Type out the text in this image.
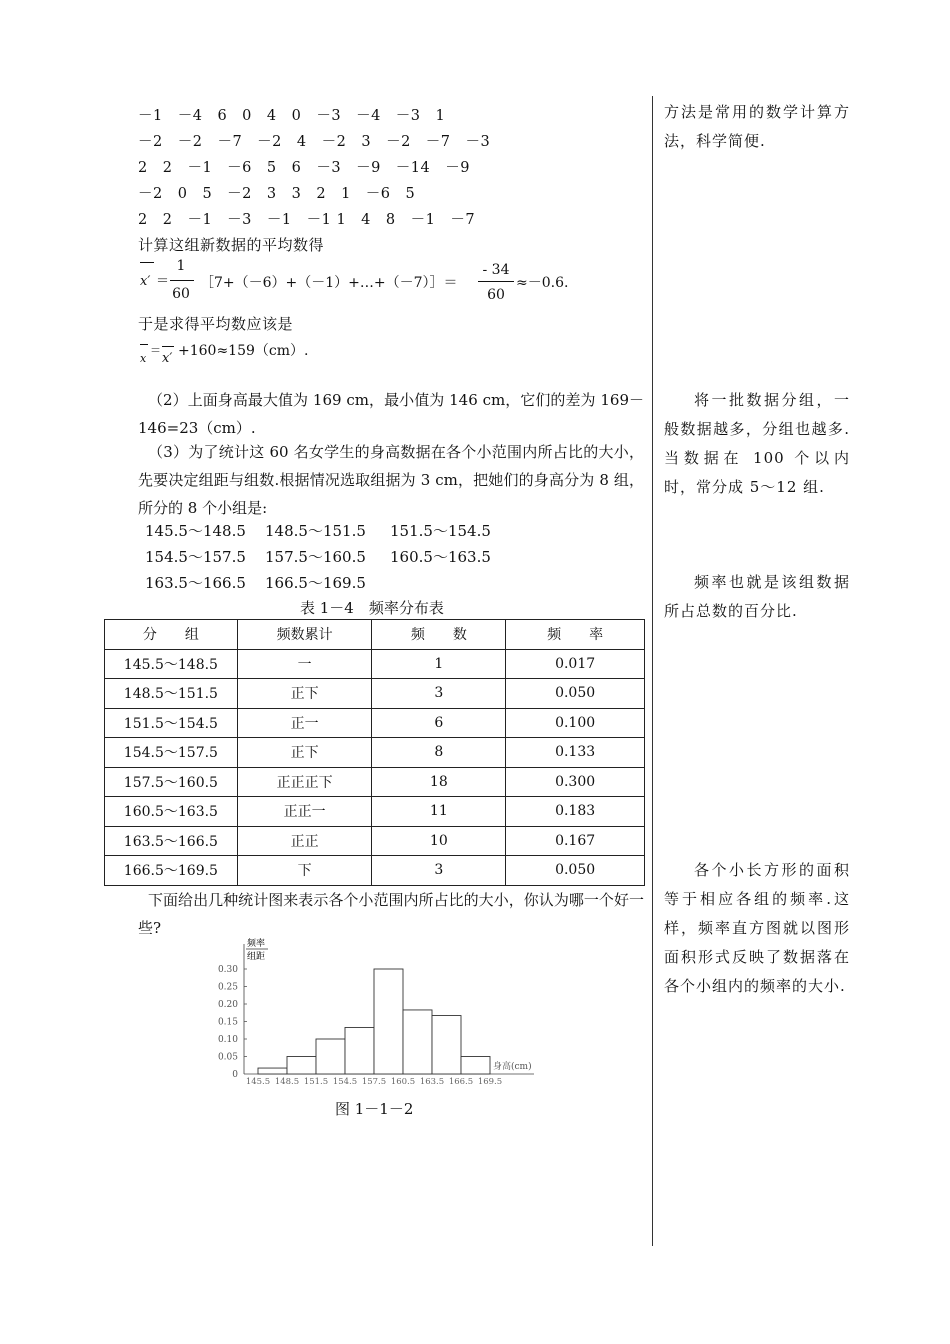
－1　－4　6　0　4　0　－3　－4　－3　1
－2　－2　－7　－2　4　－2　3　－2　－7　－3
2　2　－1　－6　5　6　－3　－9　－14　－9
－2　0　5　－2　3　3　2　1　－6　5
2　2　－1　－3　－1　－1 1　4　8　－1　－7
计算这组新数据的平均数得
x′ ＝
1
60
［7+（－6）+（－1）+…+（－7）］＝
- 34
60
≈－0.6.
于是求得平均数应该是
x
＝
x′ +160≈159（cm）.
（2）上面身高最大值为 169 cm，最小值为 146 cm，它们的差为 169－146=23（cm）.
（3）为了统计这 60 名女学生的身高数据在各个小范围内所占比的大小，先要决定组距与组数.根据情况选取组据为 3 cm，把她们的身高分为 8 组，所分的 8 个小组是:
145.5～148.5 148.5～151.5 151.5～154.5
154.5～157.5 157.5～160.5 160.5～163.5
163.5～166.5 166.5～169.5
表 1－4　频率分布表
分　　组	频数累计	频　　数	频　　率
145.5～148.5	一	1	0.017
148.5～151.5	正下	3	0.050
151.5～154.5	正一	6	0.100
154.5～157.5	正下	8	0.133
157.5～160.5	正正正下	18	0.300
160.5～163.5	正正一	11	0.183
163.5～166.5	正正	10	0.167
166.5～169.5	下	3	0.050
下面给出几种统计图来表示各个小范围内所占比的大小，你认为哪一个好一些?
频率
组距
身高(cm)
0.30
0.25
0.20
0.15
0.10
0.05
0
145.5 148.5 151.5 154.5 157.5 160.5 163.5 166.5 169.5
图 1－1－2
方法是常用的数学计算方法，科学简便.
将一批数据分组，一般数据越多，分组也越多.当数据在 100 个以内时，常分成 5～12 组.
频率也就是该组数据所占总数的百分比.
各个小长方形的面积等于相应各组的频率.这样，频率直方图就以图形面积形式反映了数据落在各个小组内的频率的大小.
